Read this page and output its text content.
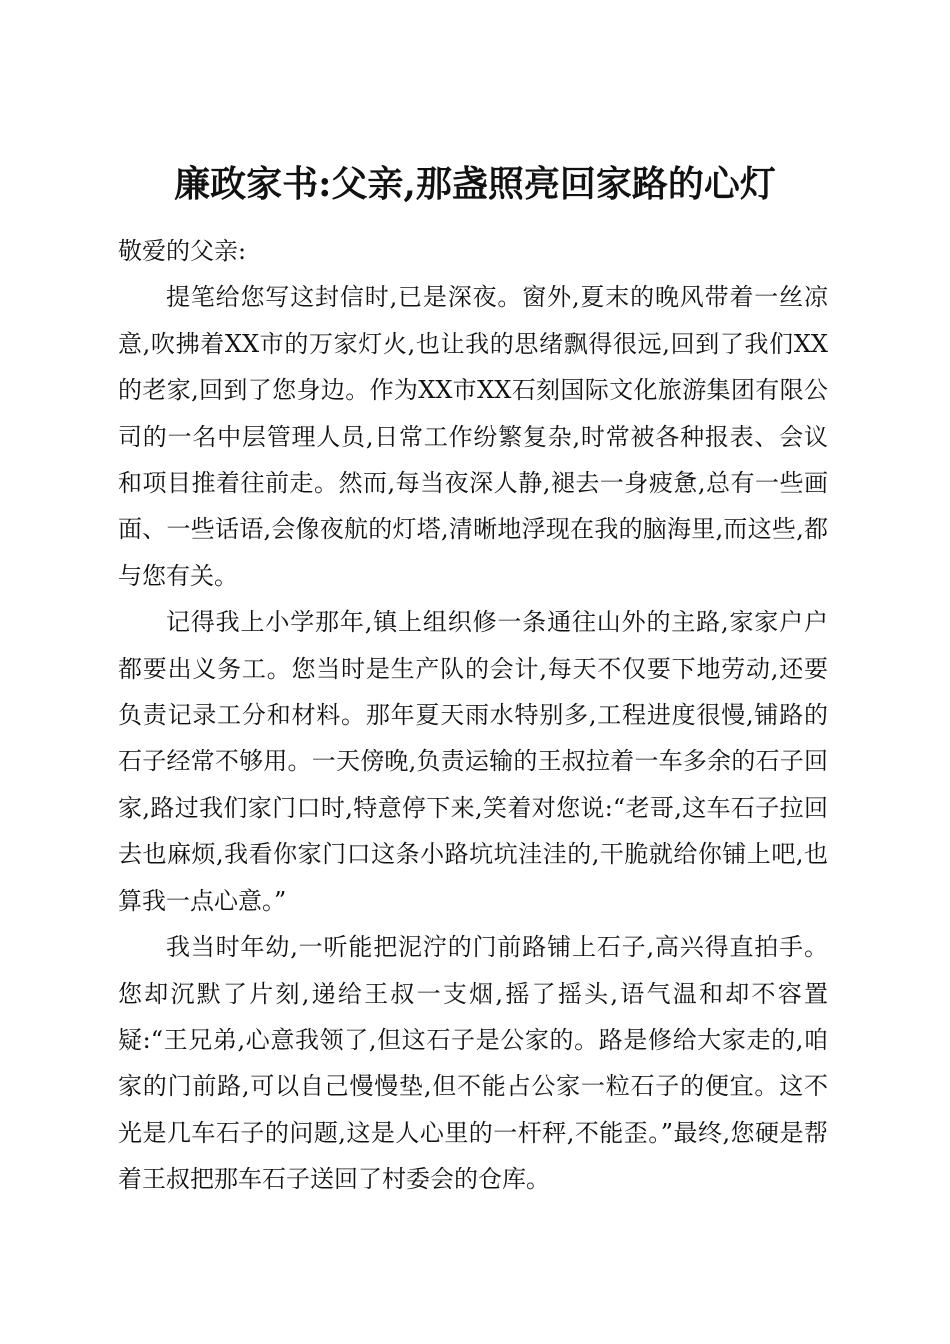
廉政家书:父亲,那盏照亮回家路的心灯

敬爱的父亲:

提笔给您写这封信时,已是深夜。窗外,夏末的晚风带着一丝凉意,吹拂着XX市的万家灯火,也让我的思绪飘得很远,回到了我们XX的老家,回到了您身边。作为XX市XX石刻国际文化旅游集团有限公司的一名中层管理人员,日常工作纷繁复杂,时常被各种报表、会议和项目推着往前走。然而,每当夜深人静,褪去一身疲惫,总有一些画面、一些话语,会像夜航的灯塔,清晰地浮现在我的脑海里,而这些,都与您有关。

记得我上小学那年,镇上组织修一条通往山外的主路,家家户户都要出义务工。您当时是生产队的会计,每天不仅要下地劳动,还要负责记录工分和材料。那年夏天雨水特别多,工程进度很慢,铺路的石子经常不够用。一天傍晚,负责运输的王叔拉着一车多余的石子回家,路过我们家门口时,特意停下来,笑着对您说:“老哥,这车石子拉回去也麻烦,我看你家门口这条小路坑坑洼洼的,干脆就给你铺上吧,也算我一点心意。”

我当时年幼,一听能把泥泞的门前路铺上石子,高兴得直拍手。您却沉默了片刻,递给王叔一支烟,摇了摇头,语气温和却不容置疑:“王兄弟,心意我领了,但这石子是公家的。路是修给大家走的,咱家的门前路,可以自己慢慢垫,但不能占公家一粒石子的便宜。这不光是几车石子的问题,这是人心里的一杆秤,不能歪。”最终,您硬是帮着王叔把那车石子送回了村委会的仓库。
